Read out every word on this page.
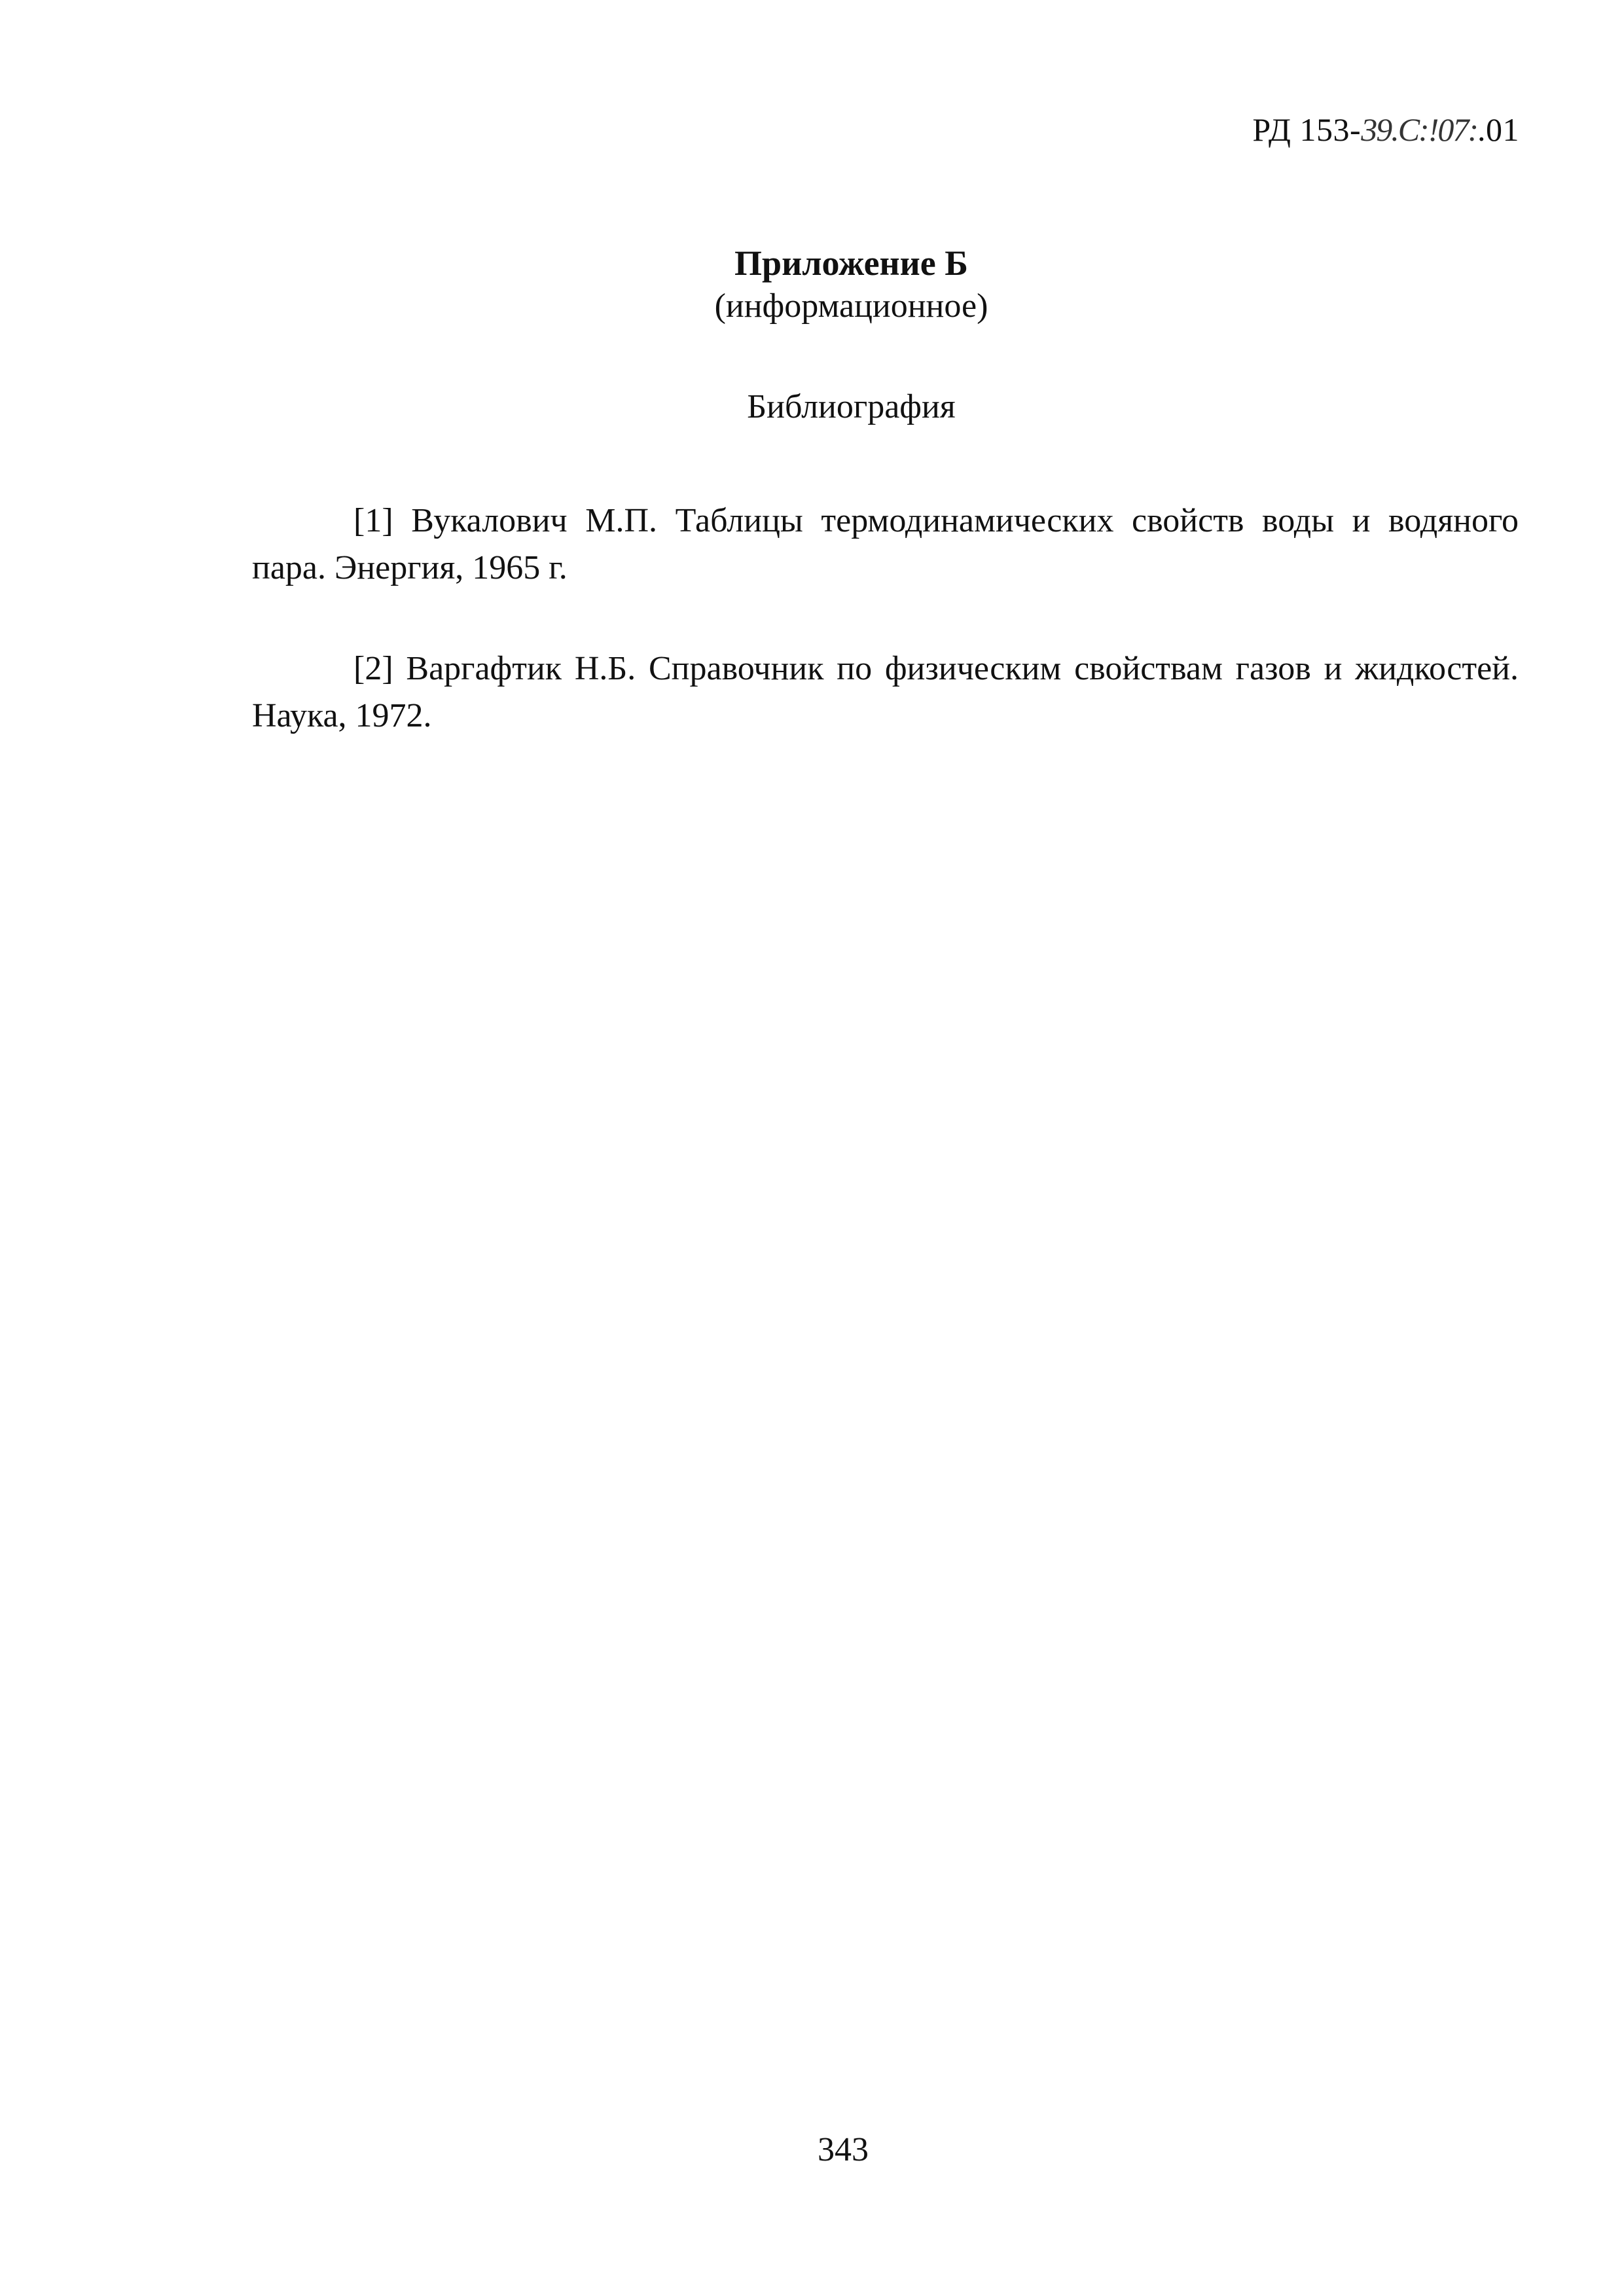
РД 153-39.С:!07:.01
Приложение Б
(информационное)
Библиография
[1] Вукалович М.П. Таблицы термодинамических свойств воды и водяного пара. Энергия, 1965 г.
[2] Варгафтик Н.Б. Справочник по физическим свойствам газов и жидкостей. Наука, 1972.
343
